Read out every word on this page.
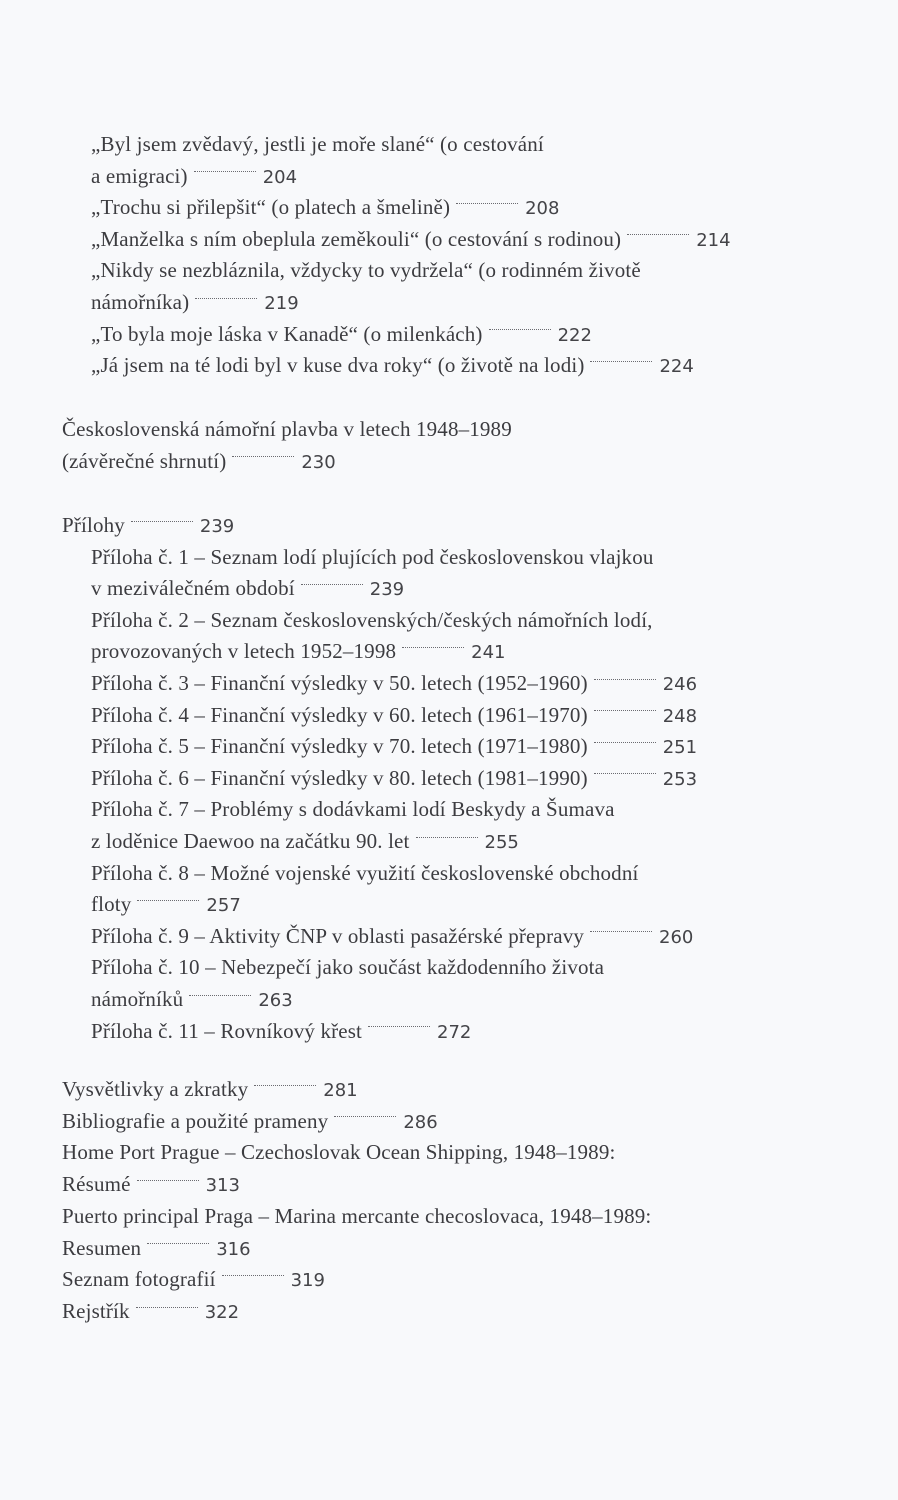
„Byl jsem zvědavý, jestli je moře slané“ (o cestování
a emigraci)	204
„Trochu si přilepšit“ (o platech a šmelině)	208
„Manželka s ním obeplula zeměkouli“ (o cestování s rodinou)	214
„Nikdy se nezbláznila, vždycky to vydržela“ (o rodinném životě
námořníka)	219
„To byla moje láska v Kanadě“ (o milenkách)	222
„Já jsem na té lodi byl v kuse dva roky“ (o životě na lodi)	224
Československá námořní plavba v letech 1948–1989
(závěrečné shrnutí)	230
Přílohy	239
Příloha č. 1 – Seznam lodí plujících pod československou vlajkou
v meziválečném období	239
Příloha č. 2 – Seznam československých/českých námořních lodí,
provozovaných v letech 1952–1998	241
Příloha č. 3 – Finanční výsledky v 50. letech (1952–1960)	246
Příloha č. 4 – Finanční výsledky v 60. letech (1961–1970)	248
Příloha č. 5 – Finanční výsledky v 70. letech (1971–1980)	251
Příloha č. 6 – Finanční výsledky v 80. letech (1981–1990)	253
Příloha č. 7 – Problémy s dodávkami lodí Beskydy a Šumava
z loděnice Daewoo na začátku 90. let	255
Příloha č. 8 – Možné vojenské využití československé obchodní
floty	257
Příloha č. 9 – Aktivity ČNP v oblasti pasažérské přepravy	260
Příloha č. 10 – Nebezpečí jako součást každodenního života
námořníků	263
Příloha č. 11 – Rovníkový křest	272
Vysvětlivky a zkratky	281
Bibliografie a použité prameny	286
Home Port Prague – Czechoslovak Ocean Shipping, 1948–1989:
Résumé	313
Puerto principal Praga – Marina mercante checoslovaca, 1948–1989:
Resumen	316
Seznam fotografií	319
Rejstřík	322
